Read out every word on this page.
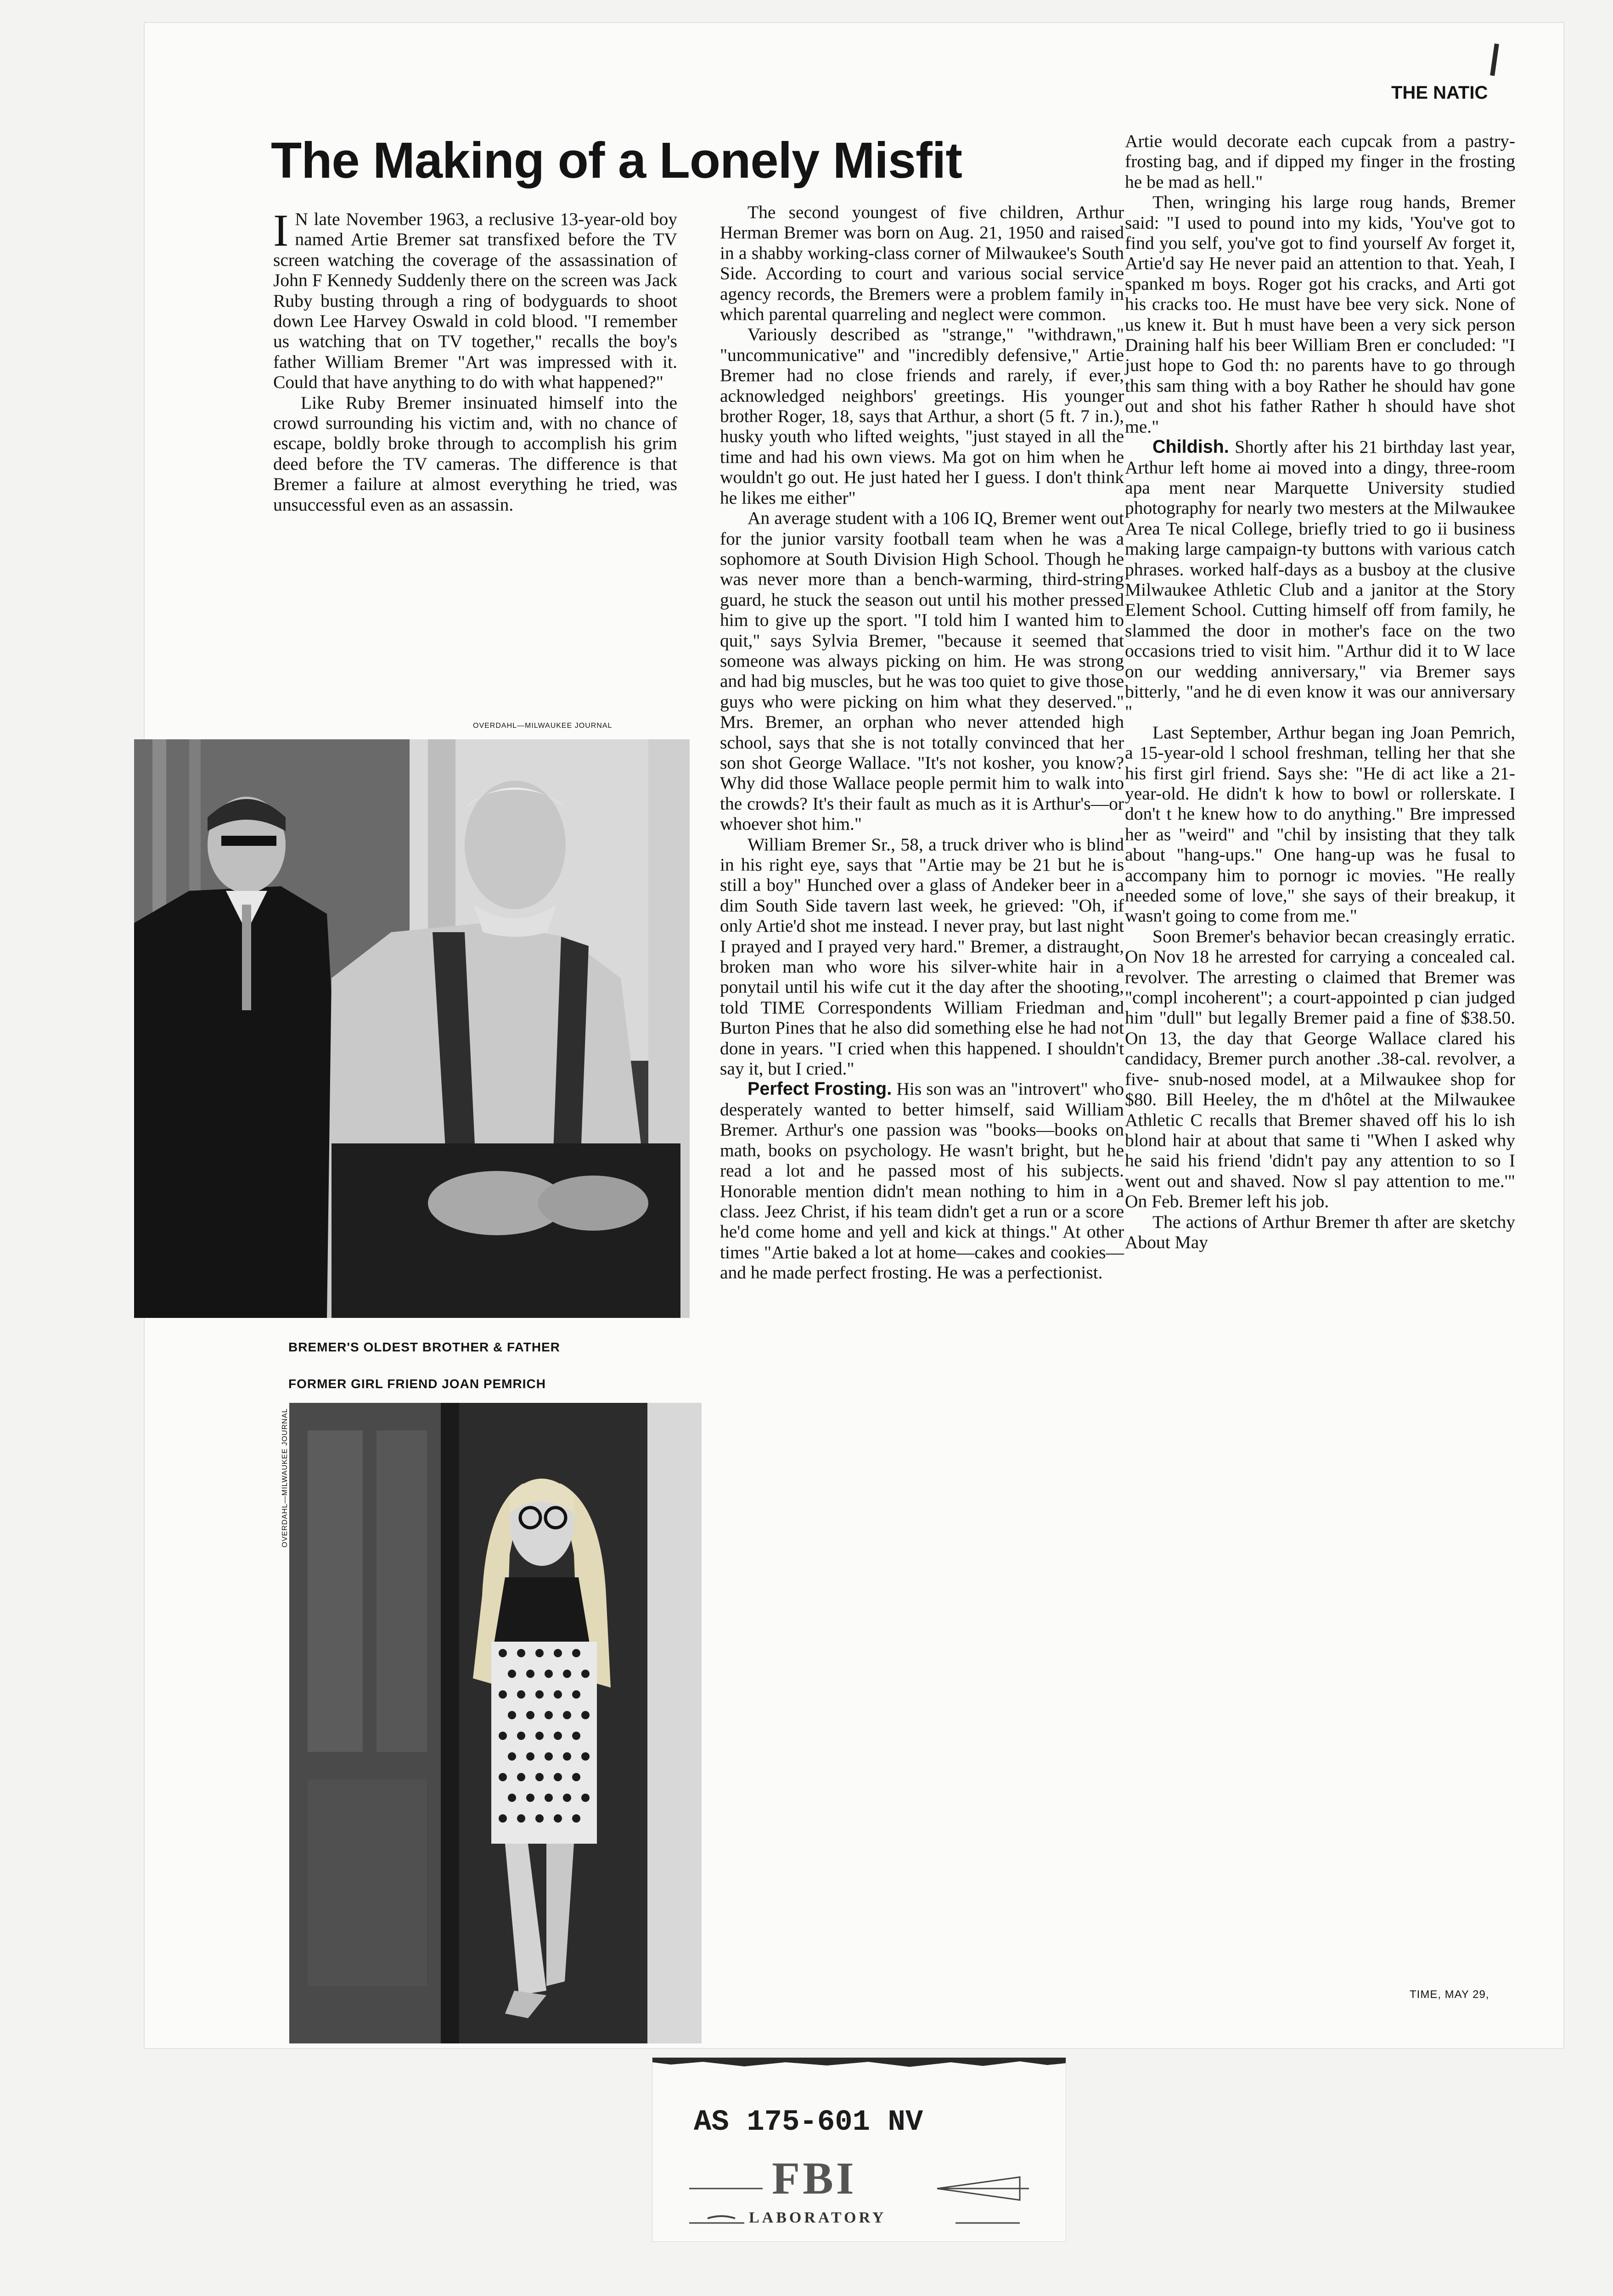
THE NATIC
The Making of a Lonely Misfit

I N late November 1963, a reclusive 13-year-old boy named Artie Bremer sat transfixed before the TV screen watching the coverage of the assassination of John F Kennedy Suddenly there on the screen was Jack Ruby busting through a ring of bodyguards to shoot down Lee Harvey Oswald in cold blood. "I remember us watching that on TV together," recalls the boy's father William Bremer "Art was impressed with it. Could that have anything to do with what happened?"

Like Ruby Bremer insinuated himself into the crowd surrounding his victim and, with no chance of escape, boldly broke through to accomplish his grim deed before the TV cameras. The difference is that Bremer a failure at almost everything he tried, was unsuccessful even as an assassin.

OVERDAHL—MILWAUKEE JOURNAL
BREMER'S OLDEST BROTHER & FATHER
FORMER GIRL FRIEND JOAN PEMRICH
OVERDAHL—MILWAUKEE JOURNAL

The second youngest of five children, Arthur Herman Bremer was born on Aug. 21, 1950 and raised in a shabby working-class corner of Milwaukee's South Side. According to court and various social service agency records, the Bremers were a problem family in which parental quarreling and neglect were common.

Variously described as "strange," "withdrawn," "uncommunicative" and "incredibly defensive," Artie Bremer had no close friends and rarely, if ever, acknowledged neighbors' greetings. His younger brother Roger, 18, says that Arthur, a short (5 ft. 7 in.), husky youth who lifted weights, "just stayed in all the time and had his own views. Ma got on him when he wouldn't go out. He just hated her I guess. I don't think he likes me either"

An average student with a 106 IQ, Bremer went out for the junior varsity football team when he was a sophomore at South Division High School. Though he was never more than a bench-warming, third-string guard, he stuck the season out until his mother pressed him to give up the sport. "I told him I wanted him to quit," says Sylvia Bremer, "because it seemed that someone was always picking on him. He was strong and had big muscles, but he was too quiet to give those guys who were picking on him what they deserved." Mrs. Bremer, an orphan who never attended high school, says that she is not totally convinced that her son shot George Wallace. "It's not kosher, you know? Why did those Wallace people permit him to walk into the crowds? It's their fault as much as it is Arthur's—or whoever shot him."

William Bremer Sr., 58, a truck driver who is blind in his right eye, says that "Artie may be 21 but he is still a boy" Hunched over a glass of Andeker beer in a dim South Side tavern last week, he grieved: "Oh, if only Artie'd shot me instead. I never pray, but last night I prayed and I prayed very hard." Bremer, a distraught, broken man who wore his silver-white hair in a ponytail until his wife cut it the day after the shooting, told TIME Correspondents William Friedman and Burton Pines that he also did something else he had not done in years. "I cried when this happened. I shouldn't say it, but I cried."

Perfect Frosting. His son was an "introvert" who desperately wanted to better himself, said William Bremer. Arthur's one passion was "books—books on math, books on psychology. He wasn't bright, but he read a lot and he passed most of his subjects. Honorable mention didn't mean nothing to him in a class. Jeez Christ, if his team didn't get a run or a score he'd come home and yell and kick at things." At other times "Artie baked a lot at home—cakes and cookies—and he made perfect frosting. He was a perfectionist.

Artie would decorate each cupcak from a pastry-frosting bag, and if dipped my finger in the frosting he be mad as hell."

Then, wringing his large roug hands, Bremer said: "I used to pound into my kids, 'You've got to find you self, you've got to find yourself Av forget it, Artie'd say He never paid an attention to that. Yeah, I spanked m boys. Roger got his cracks, and Arti got his cracks too. He must have bee very sick. None of us knew it. But h must have been a very sick person Draining half his beer William Bren er concluded: "I just hope to God th: no parents have to go through this sam thing with a boy Rather he should hav gone out and shot his father Rather h should have shot me."

Childish. Shortly after his 21 birthday last year, Arthur left home ai moved into a dingy, three-room apa ment near Marquette University studied photography for nearly two mesters at the Milwaukee Area Te nical College, briefly tried to go ii business making large campaign-ty buttons with various catch phrases. worked half-days as a busboy at the clusive Milwaukee Athletic Club and a janitor at the Story Element School. Cutting himself off from family, he slammed the door in mother's face on the two occasions tried to visit him. "Arthur did it to W lace on our wedding anniversary," via Bremer says bitterly, "and he di even know it was our anniversary "

Last September, Arthur began ing Joan Pemrich, a 15-year-old l school freshman, telling her that she his first girl friend. Says she: "He di act like a 21-year-old. He didn't k how to bowl or rollerskate. I don't t he knew how to do anything." Bre impressed her as "weird" and "chil by insisting that they talk about "hang-ups." One hang-up was he fusal to accompany him to pornogr ic movies. "He really needed some of love," she says of their breakup, it wasn't going to come from me."

Soon Bremer's behavior becan creasingly erratic. On Nov 18 he arrested for carrying a concealed cal. revolver. The arresting o claimed that Bremer was "compl incoherent"; a court-appointed p cian judged him "dull" but legally Bremer paid a fine of $38.50. On 13, the day that George Wallace clared his candidacy, Bremer purch another .38-cal. revolver, a five- snub-nosed model, at a Milwaukee shop for $80. Bill Heeley, the m d'hôtel at the Milwaukee Athletic C recalls that Bremer shaved off his lo ish blond hair at about that same ti "When I asked why he said his friend 'didn't pay any attention to so I went out and shaved. Now sl pay attention to me.'" On Feb. Bremer left his job.

The actions of Arthur Bremer th after are sketchy About May

TIME, MAY 29,
AS 175-601 NV
FBI
LABORATORY
